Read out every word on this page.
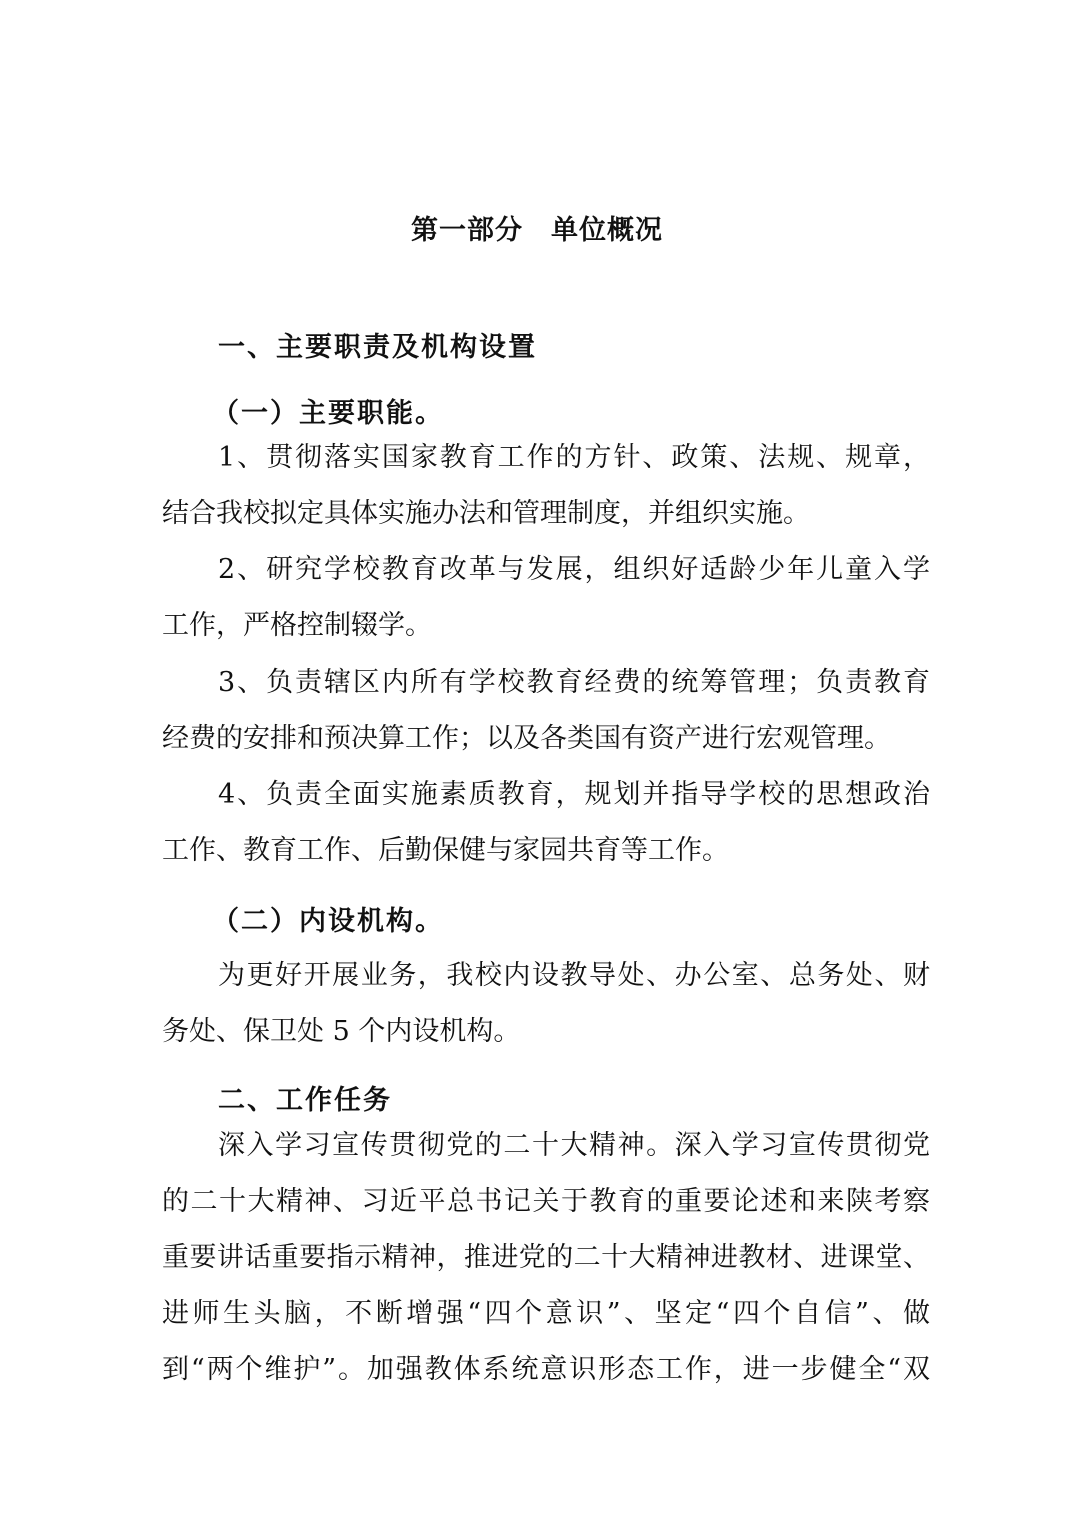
第一部分　单位概况
一、主要职责及机构设置
（一）主要职能。
1、贯彻落实国家教育工作的方针、政策、法规、规章，
结合我校拟定具体实施办法和管理制度，并组织实施。
2、研究学校教育改革与发展，组织好适龄少年儿童入学
工作，严格控制辍学。
3、负责辖区内所有学校教育经费的统筹管理；负责教育
经费的安排和预决算工作；以及各类国有资产进行宏观管理。
4、负责全面实施素质教育，规划并指导学校的思想政治
工作、教育工作、后勤保健与家园共育等工作。
（二）内设机构。
为更好开展业务，我校内设教导处、办公室、总务处、财
务处、保卫处 5 个内设机构。
二、工作任务
深入学习宣传贯彻党的二十大精神。深入学习宣传贯彻党
的二十大精神、习近平总书记关于教育的重要论述和来陕考察
重要讲话重要指示精神，推进党的二十大精神进教材、进课堂、
进师生头脑，不断增强“四个意识”、坚定“四个自信”、做
到“两个维护”。加强教体系统意识形态工作，进一步健全“双
